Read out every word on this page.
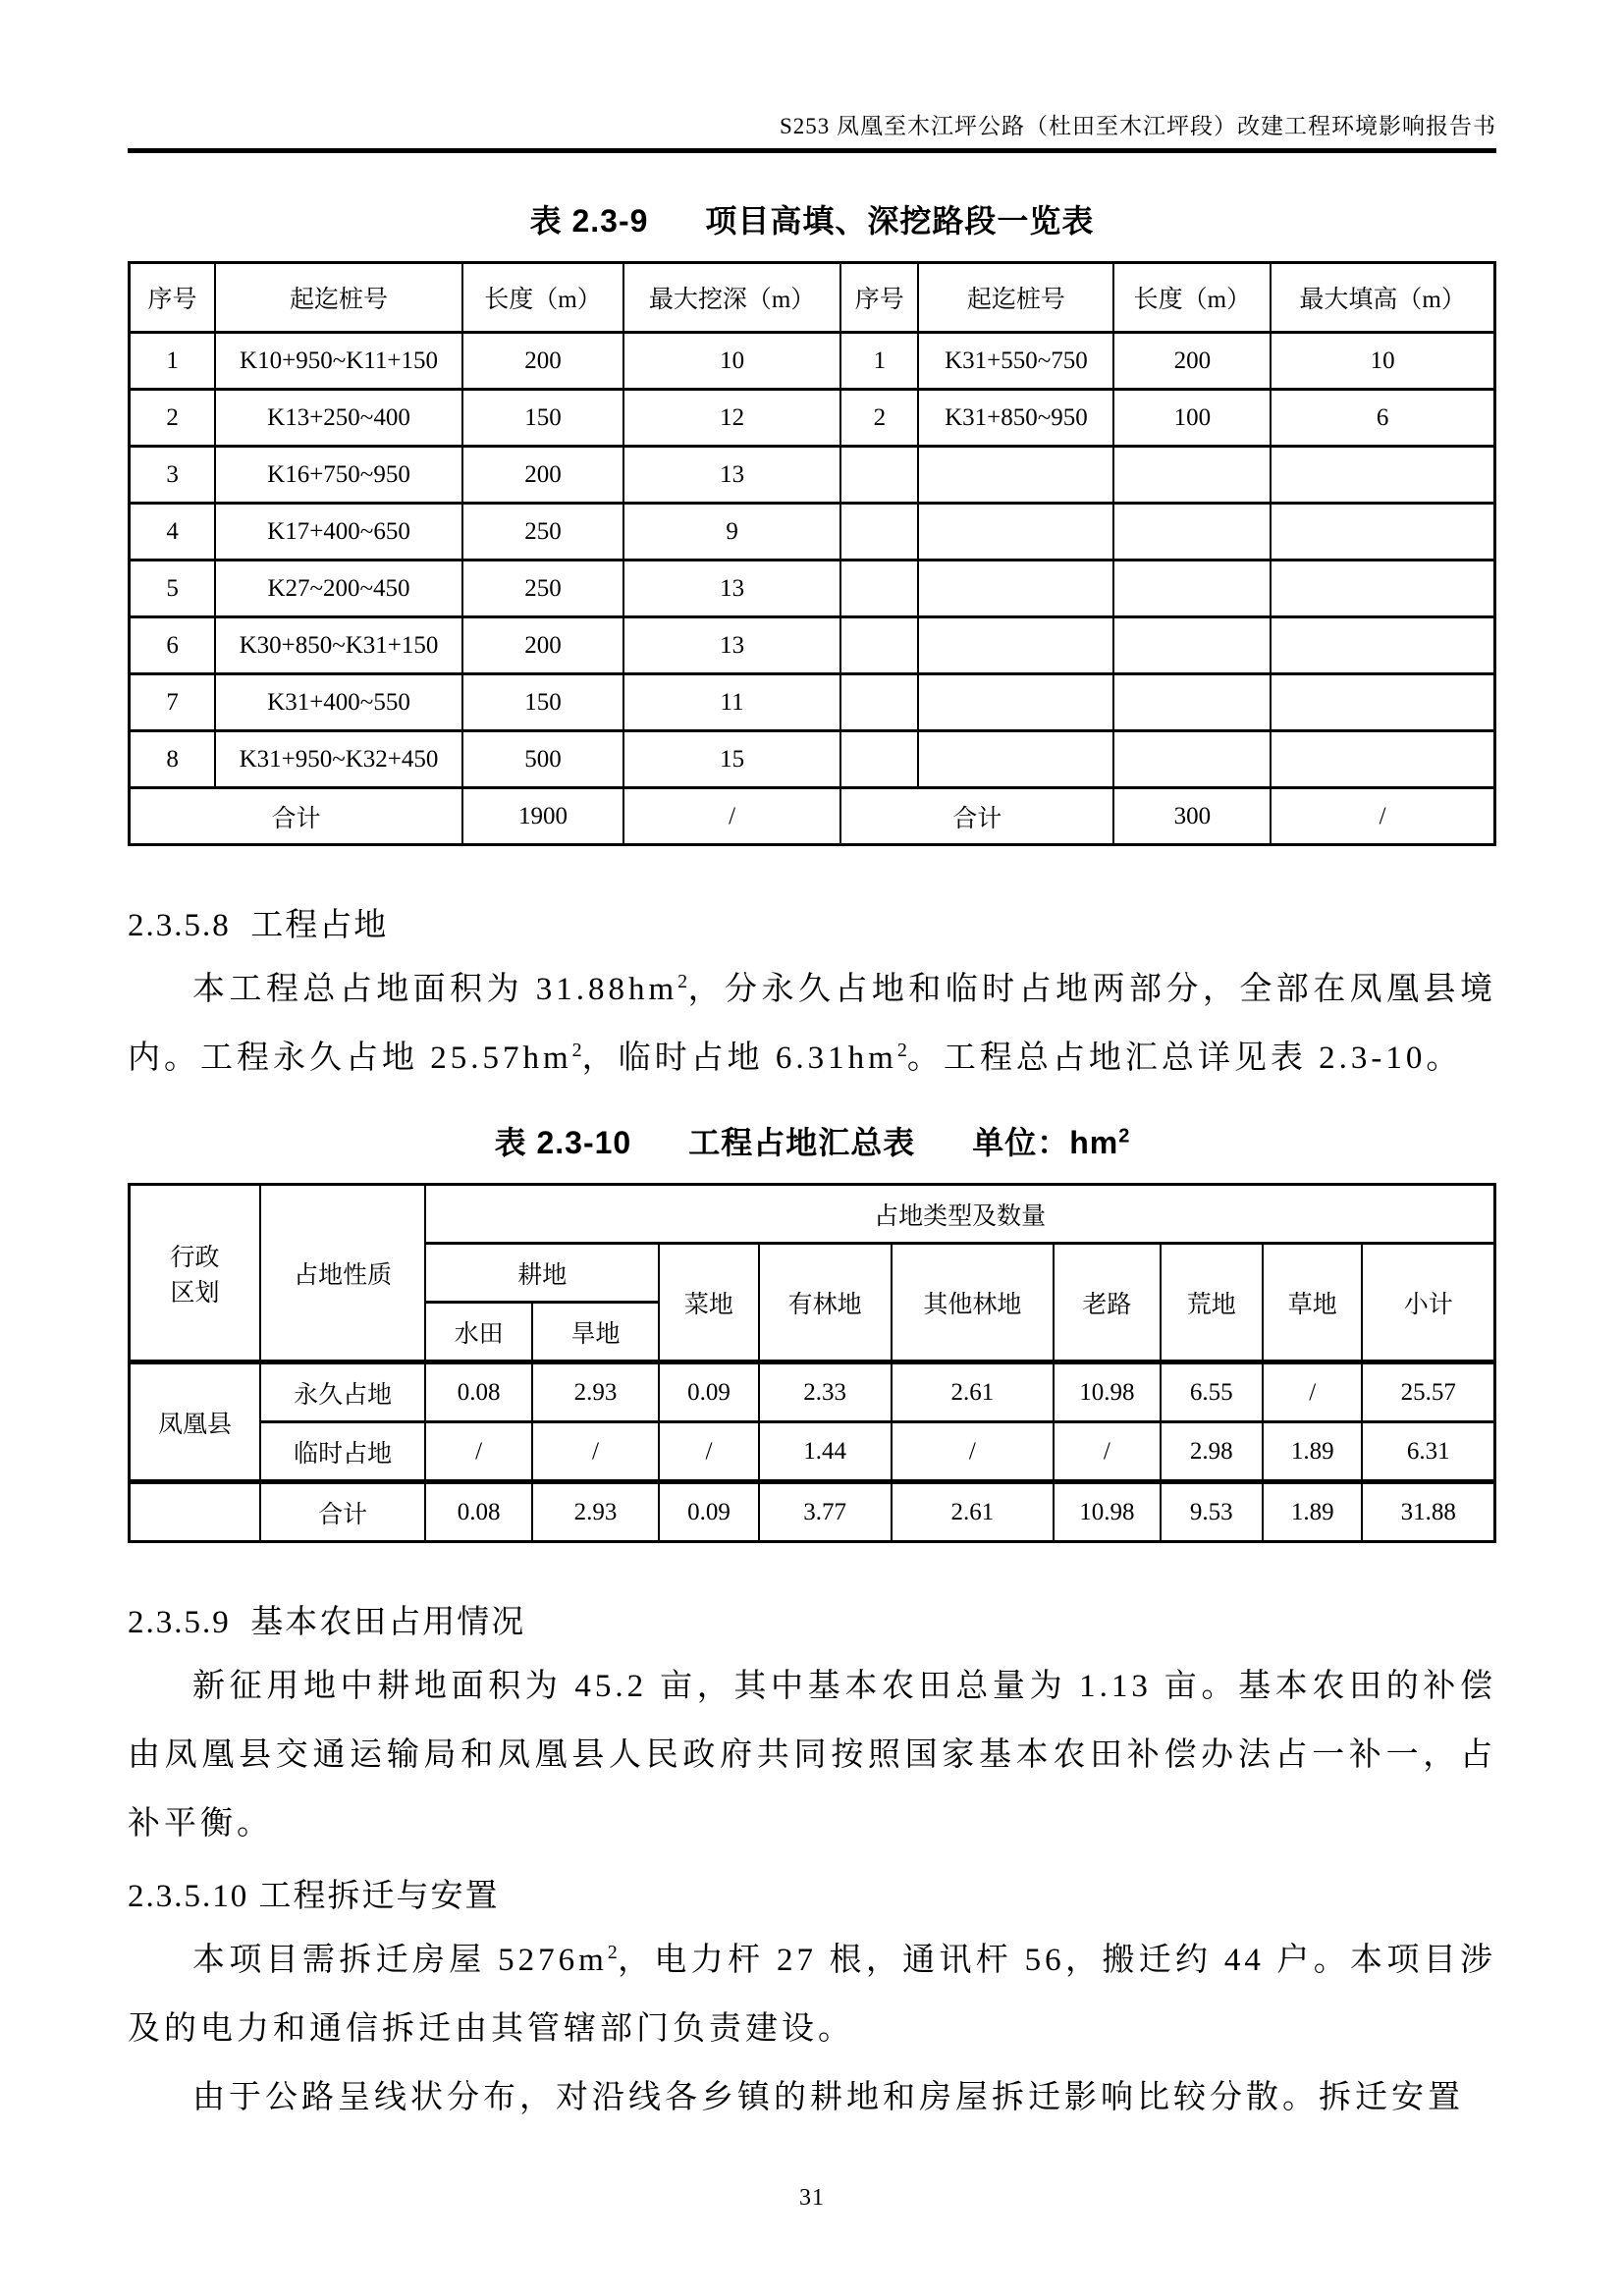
S253 凤凰至木江坪公路（杜田至木江坪段）改建工程环境影响报告书
表 2.3-9 项目高填、深挖路段一览表
序号	起迄桩号	长度（m）	最大挖深（m）	序号	起迄桩号	长度（m）	最大填高（m）
1	K10+950~K11+150	200	10	1	K31+550~750	200	10
2	K13+250~400	150	12	2	K31+850~950	100	6
3	K16+750~950	200	13				
4	K17+400~650	250	9				
5	K27~200~450	250	13				
6	K30+850~K31+150	200	13				
7	K31+400~550	150	11				
8	K31+950~K32+450	500	15				
合计		1900	/	合计		300	/
2.3.5.8  工程占地

本工程总占地面积为 $31.88hm^2$，分永久占地和临时占地两部分，全部在凤凰县境内。工程永久占地 $25.57hm^2$，临时占地 $6.31hm^2$。工程总占地汇总详见表 2.3-10。

表 2.3-10 工程占地汇总表 单位：$hm^2$
行政
区划	占地性质	占地类型及数量								
		耕地		菜地	有林地	其他林地	老路	荒地	草地	小计
		水田	旱地							
凤凰县	永久占地	0.08	2.93	0.09	2.33	2.61	10.98	6.55	/	25.57
	临时占地	/	/	/	1.44	/	/	2.98	1.89	6.31
	合计	0.08	2.93	0.09	3.77	2.61	10.98	9.53	1.89	31.88
2.3.5.9  基本农田占用情况

新征用地中耕地面积为 45.2 亩，其中基本农田总量为 1.13 亩。基本农田的补偿由凤凰县交通运输局和凤凰县人民政府共同按照国家基本农田补偿办法占一补一，占补平衡。

2.3.5.10 工程拆迁与安置

本项目需拆迁房屋 $5276m^2$，电力杆 27 根，通讯杆 56，搬迁约 44 户。本项目涉及的电力和通信拆迁由其管辖部门负责建设。

由于公路呈线状分布，对沿线各乡镇的耕地和房屋拆迁影响比较分散。拆迁安置

31
